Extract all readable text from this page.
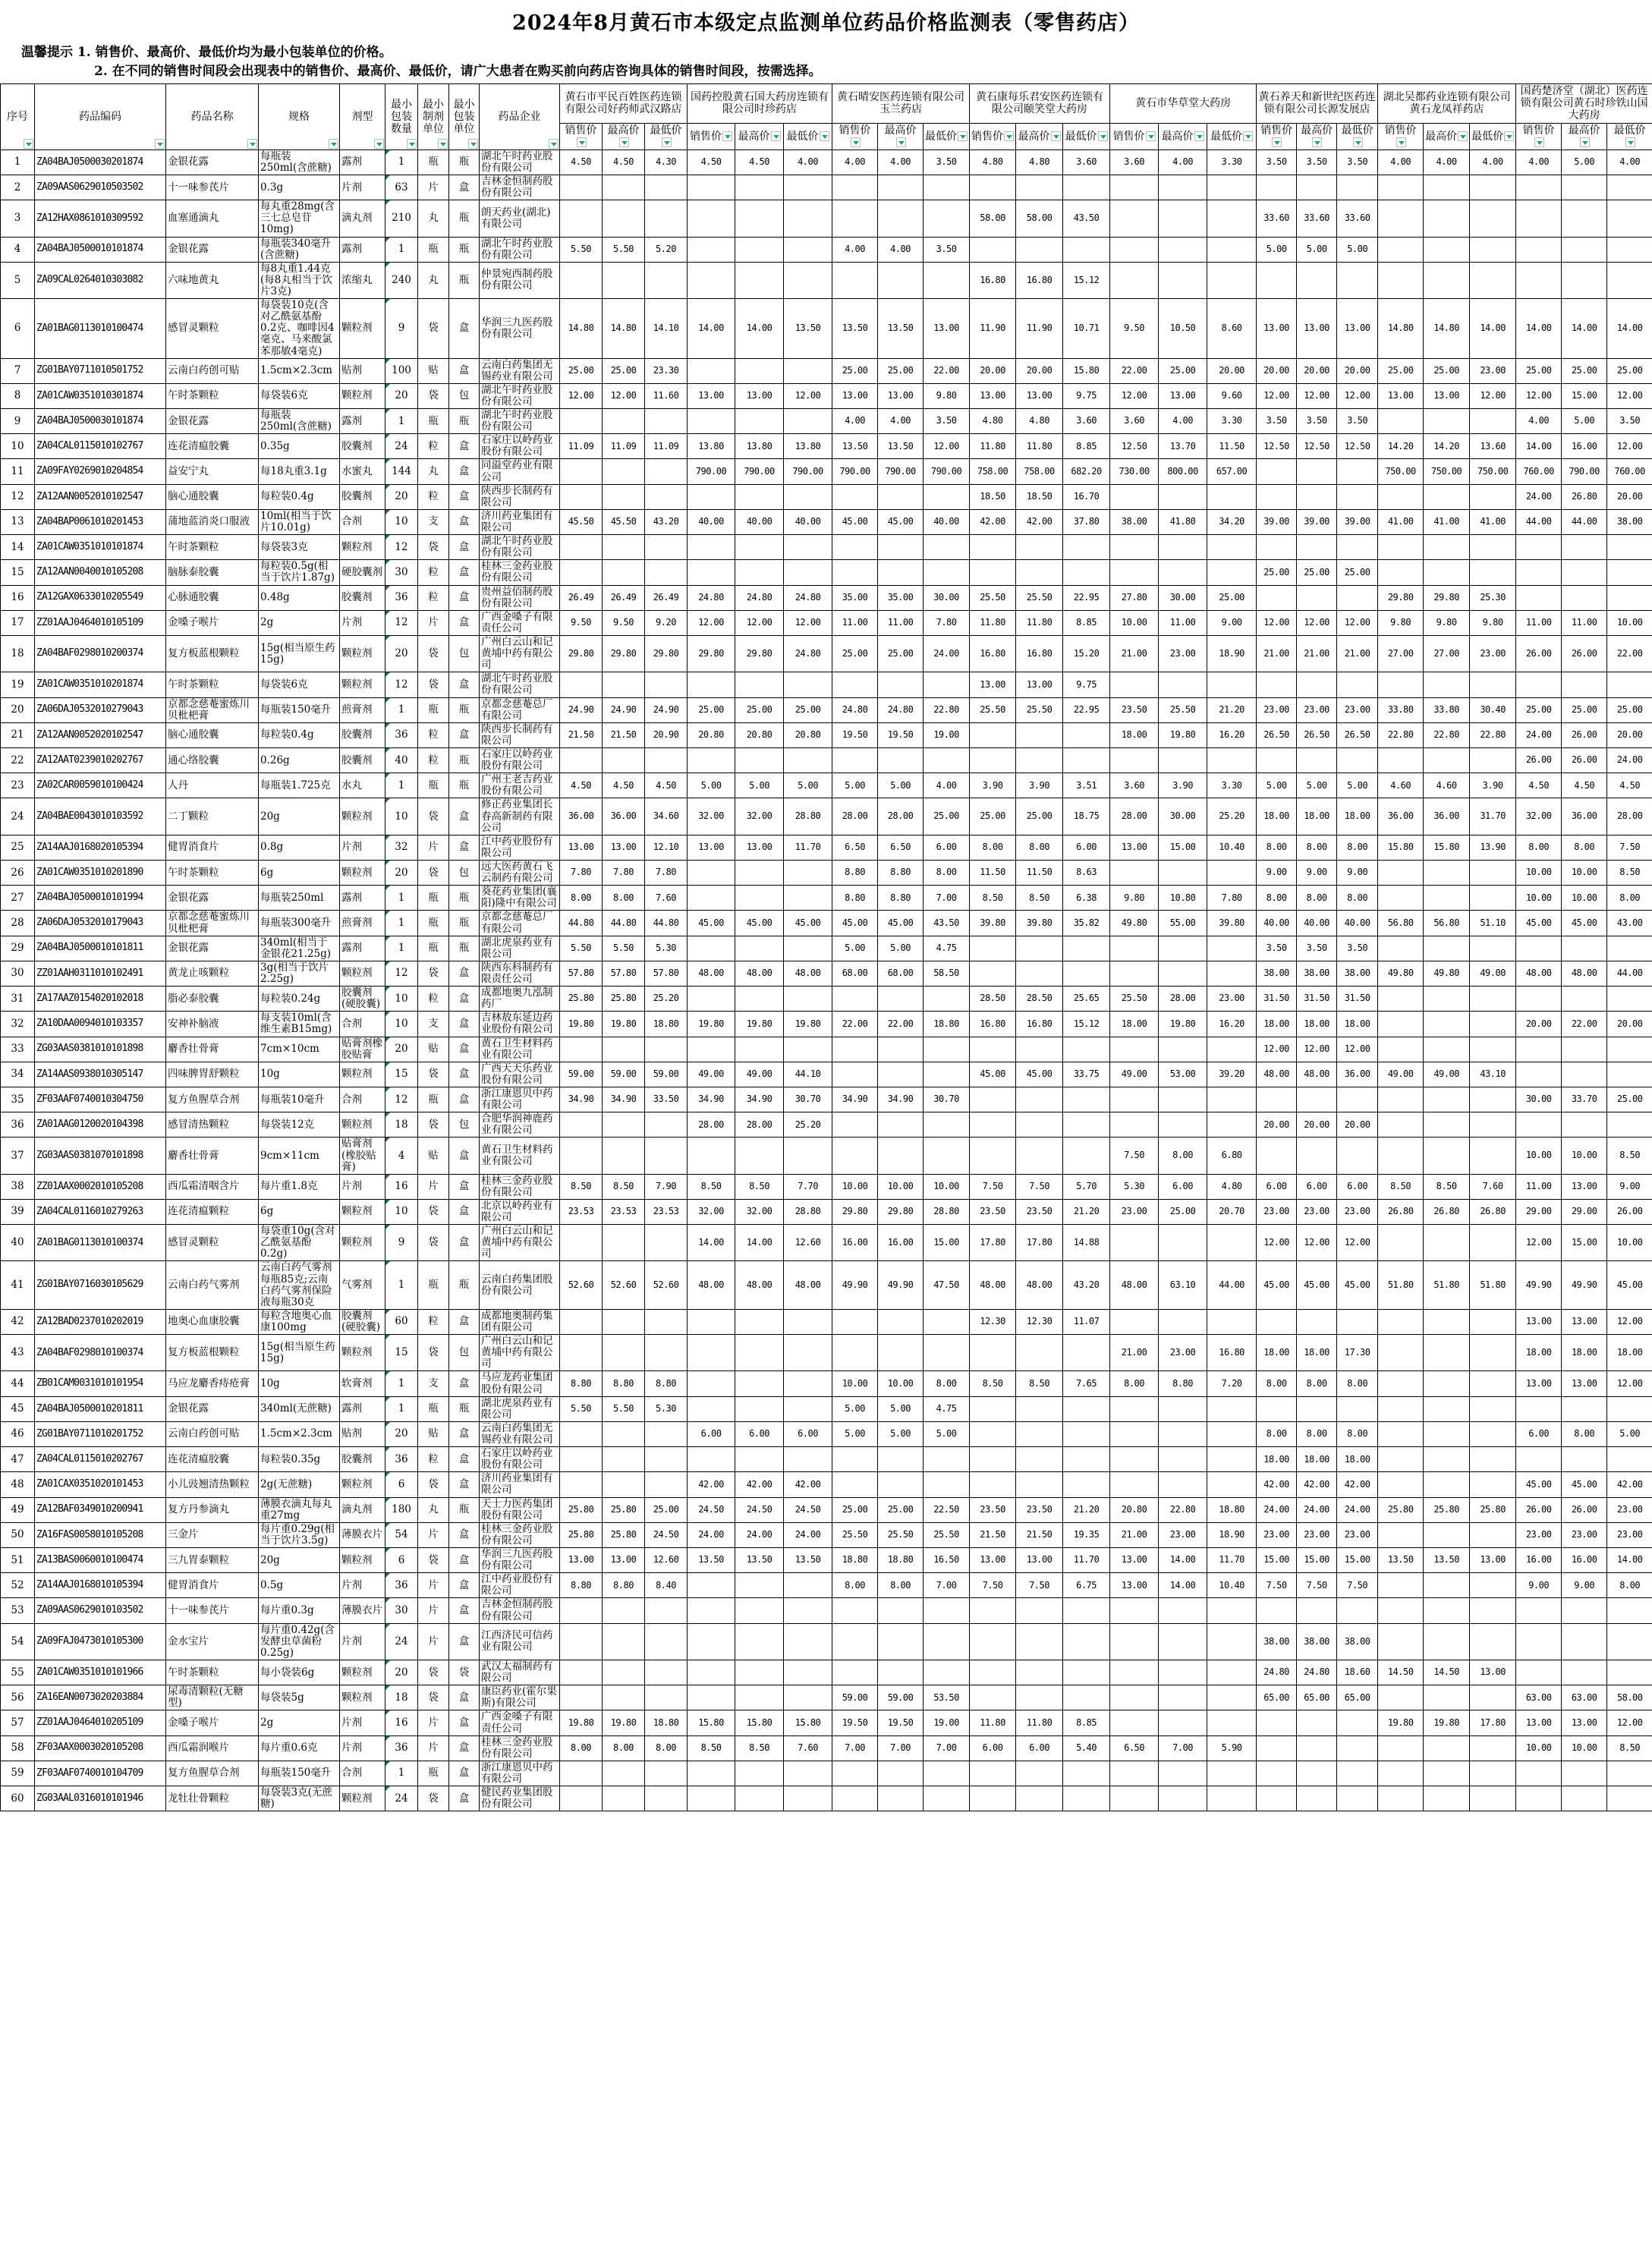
2024年8月黄石市本级定点监测单位药品价格监测表（零售药店）
温馨提示 1. 销售价、最高价、最低价均为最小包装单位的价格。
2. 在不同的销售时间段会出现表中的销售价、最高价、最低价，请广大患者在购买前向药店咨询具体的销售时间段，按需选择。
序号	药品编码	药品名称	规格	剂型	最小包装数量	最小制剂单位	最小包装单位	药品企业	黄石市平民百姓医药连锁有限公司好药师武汉路店			国药控股黄石国大药房连锁有限公司时珍药店			黄石晴安医药连锁有限公司玉兰药店			黄石康每乐君安医药连锁有限公司颐笑堂大药房			黄石市华草堂大药房			黄石养天和新世纪医药连锁有限公司长源发展店			湖北吴都药业连锁有限公司黄石龙凤祥药店			国药楚济堂（湖北）医药连锁有限公司黄石时珍铁山国大药房		
									销售价	最高价	最低价	销售价	最高价	最低价	销售价	最高价	最低价	销售价	最高价	最低价	销售价	最高价	最低价	销售价	最高价	最低价	销售价	最高价	最低价	销售价	最高价	最低价
1	ZA04BAJ0500030201874	金银花露	每瓶装250ml(含蔗糖)	露剂	1	瓶	瓶	湖北午时药业股份有限公司	4.50	4.50	4.30	4.50	4.50	4.00	4.00	4.00	3.50	4.80	4.80	3.60	3.60	4.00	3.30	3.50	3.50	3.50	4.00	4.00	4.00	4.00	5.00	4.00
2	ZA09AAS0629010503502	十一味参芪片	0.3g	片剂	63	片	盒	吉林金恒制药股份有限公司																								
3	ZA12HAX0861010309592	血塞通滴丸	每丸重28mg(含三七总皂苷10mg)	滴丸剂	210	丸	瓶	朗天药业(湖北)有限公司										58.00	58.00	43.50				33.60	33.60	33.60						
4	ZA04BAJ0500010101874	金银花露	每瓶装340毫升(含蔗糖)	露剂	1	瓶	瓶	湖北午时药业股份有限公司	5.50	5.50	5.20				4.00	4.00	3.50							5.00	5.00	5.00						
5	ZA09CAL0264010303082	六味地黄丸	每8丸重1.44克(每8丸相当于饮片3克)	浓缩丸	240	丸	瓶	仲景宛西制药股份有限公司										16.80	16.80	15.12												
6	ZA01BAG0113010100474	感冒灵颗粒	每袋装10克(含对乙酰氨基酚0.2克、咖啡因4毫克、马来酸氯苯那敏4毫克)	颗粒剂	9	袋	盒	华润三九医药股份有限公司	14.80	14.80	14.10	14.00	14.00	13.50	13.50	13.50	13.00	11.90	11.90	10.71	9.50	10.50	8.60	13.00	13.00	13.00	14.80	14.80	14.00	14.00	14.00	14.00
7	ZG01BAY0711010501752	云南白药创可贴	1.5cm×2.3cm	贴剂	100	贴	盒	云南白药集团无锡药业有限公司	25.00	25.00	23.30				25.00	25.00	22.00	20.00	20.00	15.80	22.00	25.00	20.00	20.00	20.00	20.00	25.00	25.00	23.00	25.00	25.00	25.00
8	ZA01CAW0351010301874	午时茶颗粒	每袋装6克	颗粒剂	20	袋	包	湖北午时药业股份有限公司	12.00	12.00	11.60	13.00	13.00	12.00	13.00	13.00	9.80	13.00	13.00	9.75	12.00	13.00	9.60	12.00	12.00	12.00	13.00	13.00	12.00	12.00	15.00	12.00
9	ZA04BAJ0500030101874	金银花露	每瓶装250ml(含蔗糖)	露剂	1	瓶	瓶	湖北午时药业股份有限公司							4.00	4.00	3.50	4.80	4.80	3.60	3.60	4.00	3.30	3.50	3.50	3.50				4.00	5.00	3.50
10	ZA04CAL0115010102767	连花清瘟胶囊	0.35g	胶囊剂	24	粒	盒	石家庄以岭药业股份有限公司	11.09	11.09	11.09	13.80	13.80	13.80	13.50	13.50	12.00	11.80	11.80	8.85	12.50	13.70	11.50	12.50	12.50	12.50	14.20	14.20	13.60	14.00	16.00	12.00
11	ZA09FAY0269010204854	益安宁丸	每18丸重3.1g	水蜜丸	144	丸	盒	同溢堂药业有限公司				790.00	790.00	790.00	790.00	790.00	790.00	758.00	758.00	682.20	730.00	800.00	657.00				750.00	750.00	750.00	760.00	790.00	760.00
12	ZA12AAN0052010102547	脑心通胶囊	每粒装0.4g	胶囊剂	20	粒	盒	陕西步长制药有限公司										18.50	18.50	16.70										24.00	26.80	20.00
13	ZA04BAP0061010201453	蒲地蓝消炎口服液	10ml(相当于饮片10.01g)	合剂	10	支	盒	济川药业集团有限公司	45.50	45.50	43.20	40.00	40.00	40.00	45.00	45.00	40.00	42.00	42.00	37.80	38.00	41.80	34.20	39.00	39.00	39.00	41.00	41.00	41.00	44.00	44.00	38.00
14	ZA01CAW0351010101874	午时茶颗粒	每袋装3克	颗粒剂	12	袋	盒	湖北午时药业股份有限公司																								
15	ZA12AAN0040010105208	脑脉泰胶囊	每粒装0.5g(相当于饮片1.87g)	硬胶囊剂	30	粒	盒	桂林三金药业股份有限公司																25.00	25.00	25.00						
16	ZA12GAX0633010205549	心脉通胶囊	0.48g	胶囊剂	36	粒	盒	贵州益佰制药股份有限公司	26.49	26.49	26.49	24.80	24.80	24.80	35.00	35.00	30.00	25.50	25.50	22.95	27.80	30.00	25.00				29.80	29.80	25.30			
17	ZZ01AAJ0464010105109	金嗓子喉片	2g	片剂	12	片	盒	广西金嗓子有限责任公司	9.50	9.50	9.20	12.00	12.00	12.00	11.00	11.00	7.80	11.80	11.80	8.85	10.00	11.00	9.00	12.00	12.00	12.00	9.80	9.80	9.80	11.00	11.00	10.00
18	ZA04BAF0298010200374	复方板蓝根颗粒	15g(相当原生药15g)	颗粒剂	20	袋	包	广州白云山和记黄埔中药有限公司	29.80	29.80	29.80	29.80	29.80	24.80	25.00	25.00	24.00	16.80	16.80	15.20	21.00	23.00	18.90	21.00	21.00	21.00	27.00	27.00	23.00	26.00	26.00	22.00
19	ZA01CAW0351010201874	午时茶颗粒	每袋装6克	颗粒剂	12	袋	盒	湖北午时药业股份有限公司										13.00	13.00	9.75												
20	ZA06DAJ0532010279043	京都念慈菴蜜炼川贝枇杷膏	每瓶装150毫升	煎膏剂	1	瓶	瓶	京都念慈菴总厂有限公司	24.90	24.90	24.90	25.00	25.00	25.00	24.80	24.80	22.80	25.50	25.50	22.95	23.50	25.50	21.20	23.00	23.00	23.00	33.80	33.80	30.40	25.00	25.00	25.00
21	ZA12AAN0052020102547	脑心通胶囊	每粒装0.4g	胶囊剂	36	粒	盒	陕西步长制药有限公司	21.50	21.50	20.90	20.80	20.80	20.80	19.50	19.50	19.00				18.00	19.80	16.20	26.50	26.50	26.50	22.80	22.80	22.80	24.00	26.00	20.00
22	ZA12AAT0239010202767	通心络胶囊	0.26g	胶囊剂	40	粒	瓶	石家庄以岭药业股份有限公司																						26.00	26.00	24.00
23	ZA02CAR0059010100424	人丹	每瓶装1.725克	水丸	1	瓶	瓶	广州王老吉药业股份有限公司	4.50	4.50	4.50	5.00	5.00	5.00	5.00	5.00	4.00	3.90	3.90	3.51	3.60	3.90	3.30	5.00	5.00	5.00	4.60	4.60	3.90	4.50	4.50	4.50
24	ZA04BAE0043010103592	二丁颗粒	20g	颗粒剂	10	袋	盒	修正药业集团长春高新制药有限公司	36.00	36.00	34.60	32.00	32.00	28.80	28.00	28.00	25.00	25.00	25.00	18.75	28.00	30.00	25.20	18.00	18.00	18.00	36.00	36.00	31.70	32.00	36.00	28.00
25	ZA14AAJ0168020105394	健胃消食片	0.8g	片剂	32	片	盒	江中药业股份有限公司	13.00	13.00	12.10	13.00	13.00	11.70	6.50	6.50	6.00	8.00	8.00	6.00	13.00	15.00	10.40	8.00	8.00	8.00	15.80	15.80	13.90	8.00	8.00	7.50
26	ZA01CAW0351010201890	午时茶颗粒	6g	颗粒剂	20	袋	包	远大医药黄石飞云制药有限公司	7.80	7.80	7.80				8.80	8.80	8.00	11.50	11.50	8.63				9.00	9.00	9.00				10.00	10.00	8.50
27	ZA04BAJ0500010101994	金银花露	每瓶装250ml	露剂	1	瓶	瓶	葵花药业集团(襄阳)隆中有限公司	8.00	8.00	7.60				8.80	8.80	7.00	8.50	8.50	6.38	9.80	10.80	7.80	8.00	8.00	8.00				10.00	10.00	8.00
28	ZA06DAJ0532010179043	京都念慈菴蜜炼川贝枇杷膏	每瓶装300毫升	煎膏剂	1	瓶	瓶	京都念慈菴总厂有限公司	44.80	44.80	44.80	45.00	45.00	45.00	45.00	45.00	43.50	39.80	39.80	35.82	49.80	55.00	39.80	40.00	40.00	40.00	56.80	56.80	51.10	45.00	45.00	43.00
29	ZA04BAJ0500010101811	金银花露	340ml(相当于金银花21.25g)	露剂	1	瓶	瓶	湖北虎泉药业有限公司	5.50	5.50	5.30				5.00	5.00	4.75							3.50	3.50	3.50						
30	ZZ01AAH0311010102491	黄龙止咳颗粒	3g(相当于饮片2.25g)	颗粒剂	12	袋	盒	陕西东科制药有限责任公司	57.80	57.80	57.80	48.00	48.00	48.00	68.00	68.00	58.50							38.00	38.00	38.00	49.80	49.80	49.00	48.00	48.00	44.00
31	ZA17AAZ0154020102018	脂必泰胶囊	每粒装0.24g	胶囊剂(硬胶囊)	10	粒	盒	成都地奥九泓制药厂	25.80	25.80	25.20							28.50	28.50	25.65	25.50	28.00	23.00	31.50	31.50	31.50						
32	ZA10DAA0094010103357	安神补脑液	每支装10ml(含维生素B15mg)	合剂	10	支	盒	吉林敖东延边药业股份有限公司	19.80	19.80	18.80	19.80	19.80	19.80	22.00	22.00	18.80	16.80	16.80	15.12	18.00	19.80	16.20	18.00	18.00	18.00				20.00	22.00	20.00
33	ZG03AAS0381010101898	麝香壮骨膏	7cm×10cm	贴膏剂橡胶贴膏	20	贴	盒	黄石卫生材料药业有限公司																12.00	12.00	12.00						
34	ZA14AAS0938010305147	四味脾胃舒颗粒	10g	颗粒剂	15	袋	盒	广西天天乐药业股份有限公司	59.00	59.00	59.00	49.00	49.00	44.10				45.00	45.00	33.75	49.00	53.00	39.20	48.00	48.00	36.00	49.00	49.00	43.10			
35	ZF03AAF0740010304750	复方鱼腥草合剂	每瓶装10毫升	合剂	12	瓶	盒	浙江康恩贝中药有限公司	34.90	34.90	33.50	34.90	34.90	30.70	34.90	34.90	30.70													30.00	33.70	25.00
36	ZA01AAG0120020104398	感冒清热颗粒	每袋装12克	颗粒剂	18	袋	包	合肥华润神鹿药业有限公司				28.00	28.00	25.20										20.00	20.00	20.00						
37	ZG03AAS0381070101898	麝香壮骨膏	9cm×11cm	贴膏剂(橡胶贴膏)	4	贴	盒	黄石卫生材料药业有限公司													7.50	8.00	6.80							10.00	10.00	8.50
38	ZZ01AAX0002010105208	西瓜霜清咽含片	每片重1.8克	片剂	16	片	盒	桂林三金药业股份有限公司	8.50	8.50	7.90	8.50	8.50	7.70	10.00	10.00	10.00	7.50	7.50	5.70	5.30	6.00	4.80	6.00	6.00	6.00	8.50	8.50	7.60	11.00	13.00	9.00
39	ZA04CAL0116010279263	连花清瘟颗粒	6g	颗粒剂	10	袋	盒	北京以岭药业有限公司	23.53	23.53	23.53	32.00	32.00	28.80	29.80	29.80	28.80	23.50	23.50	21.20	23.00	25.00	20.70	23.00	23.00	23.00	26.80	26.80	26.80	29.00	29.00	26.00
40	ZA01BAG0113010100374	感冒灵颗粒	每袋重10g(含对乙酰氨基酚0.2g)	颗粒剂	9	袋	盒	广州白云山和记黄埔中药有限公司				14.00	14.00	12.60	16.00	16.00	15.00	17.80	17.80	14.88				12.00	12.00	12.00				12.00	15.00	10.00
41	ZG01BAY0716030105629	云南白药气雾剂	云南白药气雾剂每瓶85克;云南白药气雾剂保险液每瓶30克	气雾剂	1	瓶	瓶	云南白药集团股份有限公司	52.60	52.60	52.60	48.00	48.00	48.00	49.90	49.90	47.50	48.00	48.00	43.20	48.00	63.10	44.00	45.00	45.00	45.00	51.80	51.80	51.80	49.90	49.90	45.00
42	ZA12BAD0237010202019	地奥心血康胶囊	每粒含地奥心血康100mg	胶囊剂(硬胶囊)	60	粒	盒	成都地奥制药集团有限公司										12.30	12.30	11.07										13.00	13.00	12.00
43	ZA04BAF0298010100374	复方板蓝根颗粒	15g(相当原生药15g)	颗粒剂	15	袋	包	广州白云山和记黄埔中药有限公司													21.00	23.00	16.80	18.00	18.00	17.30				18.00	18.00	18.00
44	ZB01CAM0031010101954	马应龙麝香痔疮膏	10g	软膏剂	1	支	盒	马应龙药业集团股份有限公司	8.80	8.80	8.80				10.00	10.00	8.00	8.50	8.50	7.65	8.00	8.80	7.20	8.00	8.00	8.00				13.00	13.00	12.00
45	ZA04BAJ0500010201811	金银花露	340ml(无蔗糖)	露剂	1	瓶	瓶	湖北虎泉药业有限公司	5.50	5.50	5.30				5.00	5.00	4.75															
46	ZG01BAY0711010201752	云南白药创可贴	1.5cm×2.3cm	贴剂	20	贴	盒	云南白药集团无锡药业有限公司				6.00	6.00	6.00	5.00	5.00	5.00							8.00	8.00	8.00				6.00	8.00	5.00
47	ZA04CAL0115010202767	连花清瘟胶囊	每粒装0.35g	胶囊剂	36	粒	盒	石家庄以岭药业股份有限公司																18.00	18.00	18.00						
48	ZA01CAX0351020101453	小儿豉翘清热颗粒	2g(无蔗糖)	颗粒剂	6	袋	盒	济川药业集团有限公司				42.00	42.00	42.00										42.00	42.00	42.00				45.00	45.00	42.00
49	ZA12BAF0349010200941	复方丹参滴丸	薄膜衣滴丸每丸重27mg	滴丸剂	180	丸	瓶	天士力医药集团股份有限公司	25.80	25.80	25.00	24.50	24.50	24.50	25.00	25.00	22.50	23.50	23.50	21.20	20.80	22.80	18.80	24.00	24.00	24.00	25.80	25.80	25.80	26.00	26.00	23.00
50	ZA16FAS0058010105208	三金片	每片重0.29g(相当于饮片3.5g)	薄膜衣片	54	片	盒	桂林三金药业股份有限公司	25.80	25.80	24.50	24.00	24.00	24.00	25.50	25.50	25.50	21.50	21.50	19.35	21.00	23.00	18.90	23.00	23.00	23.00				23.00	23.00	23.00
51	ZA13BAS0060010100474	三九胃泰颗粒	20g	颗粒剂	6	袋	盒	华润三九医药股份有限公司	13.00	13.00	12.60	13.50	13.50	13.50	18.80	18.80	16.50	13.00	13.00	11.70	13.00	14.00	11.70	15.00	15.00	15.00	13.50	13.50	13.00	16.00	16.00	14.00
52	ZA14AAJ0168010105394	健胃消食片	0.5g	片剂	36	片	盒	江中药业股份有限公司	8.80	8.80	8.40				8.00	8.00	7.00	7.50	7.50	6.75	13.00	14.00	10.40	7.50	7.50	7.50				9.00	9.00	8.00
53	ZA09AAS0629010103502	十一味参芪片	每片重0.3g	薄膜衣片	30	片	盒	吉林金恒制药股份有限公司																								
54	ZA09FAJ0473010105300	金水宝片	每片重0.42g(含发酵虫草菌粉0.25g)	片剂	24	片	盒	江西济民可信药业有限公司																38.00	38.00	38.00						
55	ZA01CAW0351010101966	午时茶颗粒	每小袋装6g	颗粒剂	20	袋	袋	武汉太福制药有限公司																24.80	24.80	18.60	14.50	14.50	13.00			
56	ZA16EAN0073020203884	尿毒清颗粒(无糖型)	每袋装5g	颗粒剂	18	袋	盒	康臣药业(霍尔果斯)有限公司							59.00	59.00	53.50							65.00	65.00	65.00				63.00	63.00	58.00
57	ZZ01AAJ0464010205109	金嗓子喉片	2g	片剂	16	片	盒	广西金嗓子有限责任公司	19.80	19.80	18.80	15.80	15.80	15.80	19.50	19.50	19.00	11.80	11.80	8.85							19.80	19.80	17.80	13.00	13.00	12.00
58	ZF03AAX0003020105208	西瓜霜润喉片	每片重0.6克	片剂	36	片	盒	桂林三金药业股份有限公司	8.00	8.00	8.00	8.50	8.50	7.60	7.00	7.00	7.00	6.00	6.00	5.40	6.50	7.00	5.90							10.00	10.00	8.50
59	ZF03AAF0740010104709	复方鱼腥草合剂	每瓶装150毫升	合剂	1	瓶	盒	浙江康恩贝中药有限公司																								
60	ZG03AAL0316010101946	龙牡壮骨颗粒	每袋装3克(无蔗糖)	颗粒剂	24	袋	盒	健民药业集团股份有限公司																								
